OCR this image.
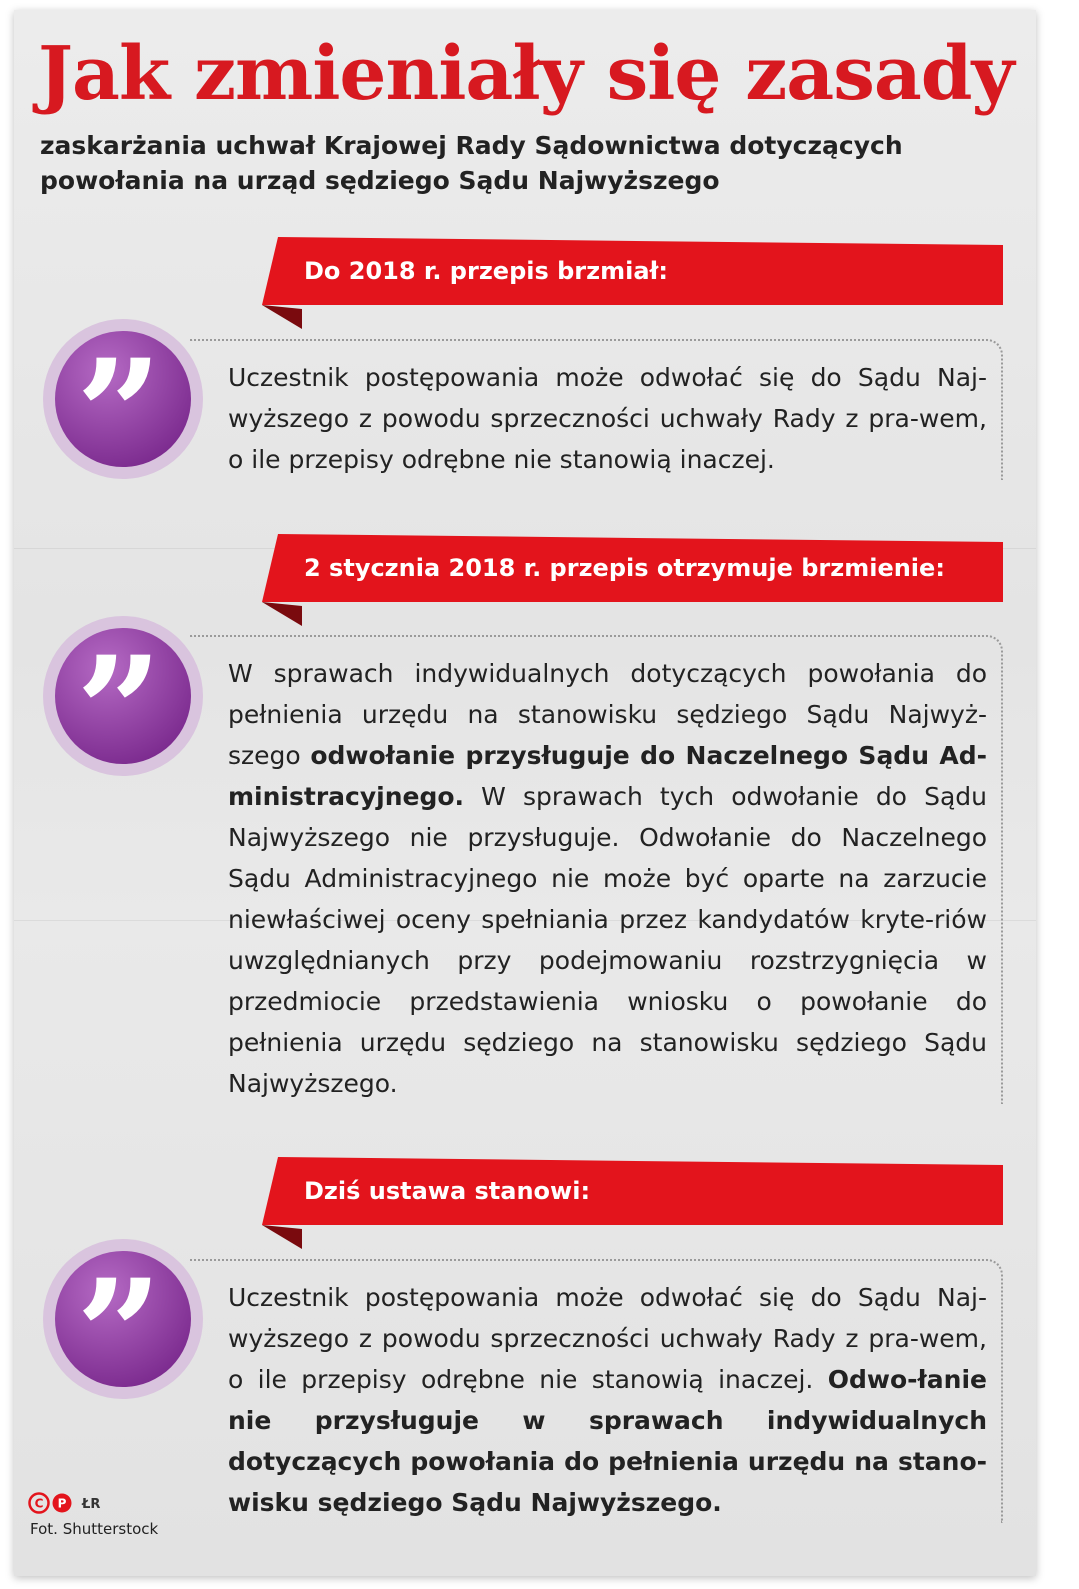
Jak zmieniały się zasady
zaskarżania uchwał Krajowej Rady Sądownictwa dotyczących powołania na urząd sędziego Sądu Najwyższego
Do 2018 r. przepis brzmiał:

Uczestnik postępowania może odwołać się do Sądu Naj-wyższego z powodu sprzeczności uchwały Rady z pra-wem, o ile przepisy odrębne nie stanowią inaczej.

”
2 stycznia 2018 r. przepis otrzymuje brzmienie:

W sprawach indywidualnych dotyczących powołania do pełnienia urzędu na stanowisku sędziego Sądu Najwyż-szego odwołanie przysługuje do Naczelnego Sądu Ad-ministracyjnego. W sprawach tych odwołanie do Sądu Najwyższego nie przysługuje. Odwołanie do Naczelnego Sądu Administracyjnego nie może być oparte na zarzucie niewłaściwej oceny spełniania przez kandydatów kryte-riów uwzględnianych przy podejmowaniu rozstrzygnięcia w przedmiocie przedstawienia wniosku o powołanie do pełnienia urzędu sędziego na stanowisku sędziego Sądu Najwyższego.

”
Dziś ustawa stanowi:

Uczestnik postępowania może odwołać się do Sądu Naj-wyższego z powodu sprzeczności uchwały Rady z pra-wem, o ile przepisy odrębne nie stanowią inaczej. Odwo-łanie nie przysługuje w sprawach indywidualnych dotyczących powołania do pełnienia urzędu na stano-wisku sędziego Sądu Najwyższego.

”
C P ŁR
Fot. Shutterstock
